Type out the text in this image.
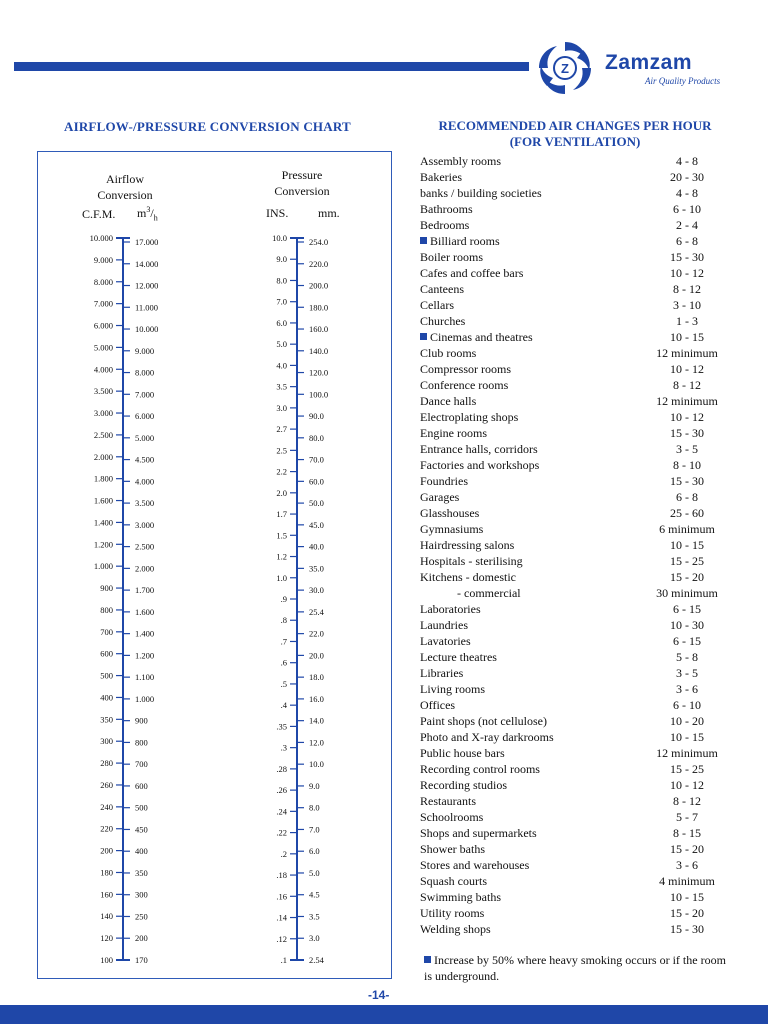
Z Zamzam
Air Quality Products
AIRFLOW-/PRESSURE CONVERSION CHART
Airflow
Conversion
C.F.M. $m^3/_h$
Pressure
Conversion
INS. mm.
10.000
9.000
8.000
7.000
6.000
5.000
4.000
3.500
3.000
2.500
2.000
1.800
1.600
1.400
1.200
1.000
900
800
700
600
500
400
350
300
280
260
240
220
200
180
160
140
120
100
17.000
14.000
12.000
11.000
10.000
9.000
8.000
7.000
6.000
5.000
4.500
4.000
3.500
3.000
2.500
2.000
1.700
1.600
1.400
1.200
1.100
1.000
900
800
700
600
500
450
400
350
300
250
200
170
10.0
9.0
8.0
7.0
6.0
5.0
4.0
3.5
3.0
2.7
2.5
2.2
2.0
1.7
1.5
1.2
1.0
.9
.8
.7
.6
.5
.4
.35
.3
.28
.26
.24
.22
.2
.18
.16
.14
.12
.1
254.0
220.0
200.0
180.0
160.0
140.0
120.0
100.0
90.0
80.0
70.0
60.0
50.0
45.0
40.0
35.0
30.0
25.4
22.0
20.0
18.0
16.0
14.0
12.0
10.0
9.0
8.0
7.0
6.0
5.0
4.5
3.5
3.0
2.54
RECOMMENDED AIR CHANGES PER HOUR
(FOR VENTILATION)
Assembly rooms	4 - 8
Bakeries	20 - 30
banks / building societies	4 - 8
Bathrooms	6 - 10
Bedrooms	2 - 4
Billiard rooms	6 - 8
Boiler rooms	15 - 30
Cafes and coffee bars	10 - 12
Canteens	8 - 12
Cellars	3 - 10
Churches	1 - 3
Cinemas and theatres	10 - 15
Club rooms	12 minimum
Compressor rooms	10 - 12
Conference rooms	8 - 12
Dance halls	12 minimum
Electroplating shops	10 - 12
Engine rooms	15 - 30
Entrance halls, corridors	3 - 5
Factories and workshops	8 - 10
Foundries	15 - 30
Garages	6 - 8
Glasshouses	25 - 60
Gymnasiums	6 minimum
Hairdressing salons	10 - 15
Hospitals - sterilising	15 - 25
Kitchens - domestic	15 - 20
- commercial	30 minimum
Laboratories	6 - 15
Laundries	10 - 30
Lavatories	6 - 15
Lecture theatres	5 - 8
Libraries	3 - 5
Living rooms	3 - 6
Offices	6 - 10
Paint shops (not cellulose)	10 - 20
Photo and X-ray darkrooms	10 - 15
Public house bars	12 minimum
Recording control rooms	15 - 25
Recording studios	10 - 12
Restaurants	8 - 12
Schoolrooms	5 - 7
Shops and supermarkets	8 - 15
Shower baths	15 - 20
Stores and warehouses	3 - 6
Squash courts	4 minimum
Swimming baths	10 - 15
Utility rooms	15 - 20
Welding shops	15 - 30
Increase by 50% where heavy smoking occurs or if the room is underground.
-14-
